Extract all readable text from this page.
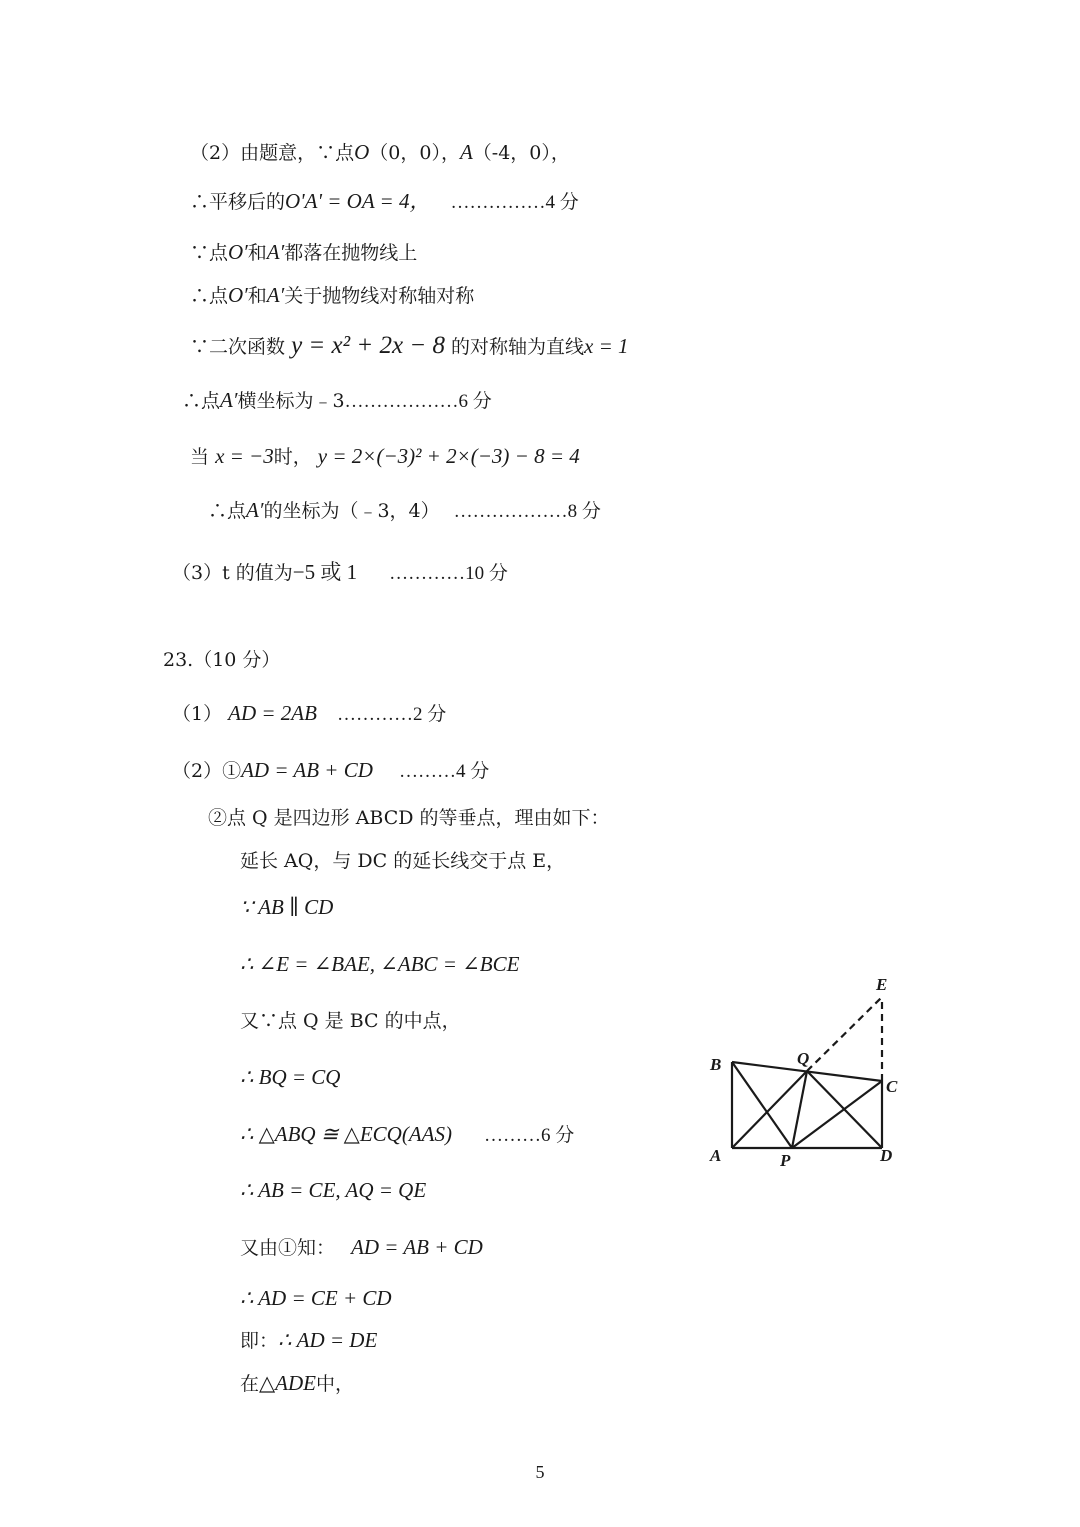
（2）由题意，∵点O（0，0），A（-4，0），
∴平移后的O'A' = OA = 4， ……………4 分
∵点O′和A′都落在抛物线上
∴点O′和A′关于抛物线对称轴对称
∵二次函数 y = x² + 2x − 8 的对称轴为直线x = 1
∴点A′横坐标为﹣3………………6 分
当 x = −3时， y = 2×(−3)² + 2×(−3) − 8 = 4
∴点A′的坐标为（﹣3，4） ………………8 分
（3）t 的值为−5 或 1 …………10 分
23.（10 分）
（1） AD = 2AB …………2 分
（2）①AD = AB + CD ………4 分
②点 Q 是四边形 ABCD 的等垂点，理由如下：
延长 AQ，与 DC 的延长线交于点 E，
∵ AB ∥ CD
∴ ∠E = ∠BAE, ∠ABC = ∠BCE
又∵点 Q 是 BC 的中点，
∴ BQ = CQ
∴ △ABQ ≅ △ECQ(AAS) ………6 分
∴ AB = CE, AQ = QE
又由①知： AD = AB + CD
∴ AD = CE + CD
即：∴ AD = DE
在△ADE中，
E
B	Q
C
A	P	D
5
